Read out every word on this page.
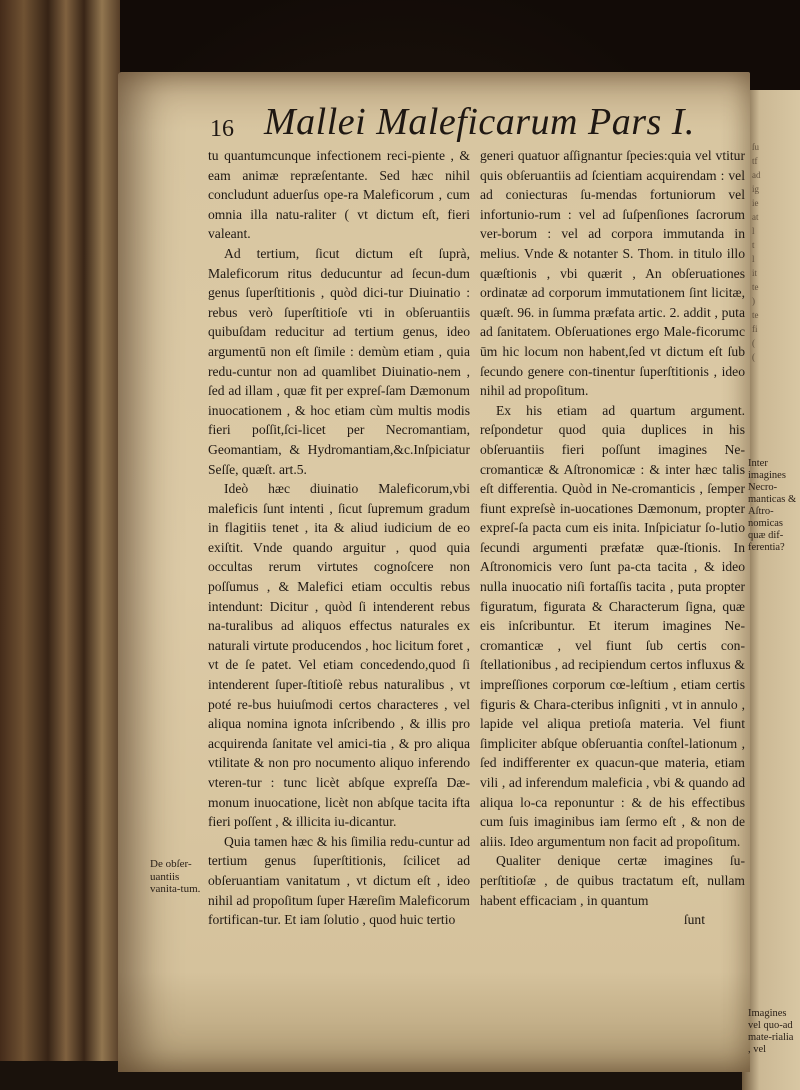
ſu
tf
ad
ig
ie
at
l
t
l
it
te
)
te
fi
(
(

16 Mallei Maleficarum Pars I.

tu quantumcunque infectionem reci-piente , & eam animæ repræſentante. Sed hæc nihil concludunt aduerſus ope-ra Maleficorum , cum omnia illa natu-raliter ( vt dictum eſt, fieri valeant.

Ad tertium, ſicut dictum eſt ſuprà, Maleficorum ritus deducuntur ad ſecun-dum genus ſuperſtitionis , quòd dici-tur Diuinatio : rebus verò ſuperſtitioſe vti in obſeruantiis quibuſdam reducitur ad tertium genus, ideo argumentū non eſt ſimile : demùm etiam , quia redu-cuntur non ad quamlibet Diuinatio-nem , ſed ad illam , quæ fit per expreſ-ſam Dæmonum inuocationem , & hoc etiam cùm multis modis fieri poſſit,ſci-licet per Necromantiam, Geomantiam, & Hydromantiam,&c.Inſpiciatur Seſſe, quæſt. art.5.

Ideò hæc diuinatio Maleficorum,vbi maleficis ſunt intenti , ſicut ſupremum gradum in flagitiis tenet , ita & aliud iudicium de eo exiſtit. Vnde quando arguitur , quod quia occultas rerum virtutes cognoſcere non poſſumus , & Malefici etiam occultis rebus intendunt: Dicitur , quòd ſi intenderent rebus na-turalibus ad aliquos effectus naturales ex naturali virtute producendos , hoc licitum foret , vt de ſe patet. Vel etiam concedendo,quod ſi intenderent ſuper-ſtitioſè rebus naturalibus , vt poté re-bus huiuſmodi certos characteres , vel aliqua nomina ignota inſcribendo , & illis pro acquirenda ſanitate vel amici-tia , & pro aliqua vtilitate & non pro nocumento aliquo inferendo vteren-tur : tunc licèt abſque expreſſa Dæ-monum inuocatione, licèt non abſque tacita ifta fieri poſſent , & illicita iu-dicantur.

Quia tamen hæc & his ſimilia redu-cuntur ad tertium genus ſuperſtitionis, ſcilicet ad obſeruantiam vanitatum , vt dictum eſt , ideo nihil ad propoſitum ſuper Hæreſim Maleficorum fortifican-tur. Et iam ſolutio , quod huic tertio

generi quatuor aſſignantur ſpecies:quia vel vtitur quis obſeruantiis ad ſcientiam acquirendam : vel ad coniecturas ſu-mendas fortuniorum vel infortunio-rum : vel ad ſuſpenſiones ſacrorum ver-borum : vel ad corpora immutanda in melius. Vnde & notanter S. Thom. in titulo illo quæſtionis , vbi quærit , An obſeruationes ordinatæ ad corporum immutationem ſint licitæ, quæſt. 96. in ſumma præfata artic. 2. addit , puta ad ſanitatem. Obſeruationes ergo Male-ficorumc ūm hic locum non habent,ſed vt dictum eſt ſub ſecundo genere con-tinentur ſuperſtitionis , ideo nihil ad propoſitum.

Ex his etiam ad quartum argument. reſpondetur quod quia duplices in his obſeruantiis fieri poſſunt imagines Ne-cromanticæ & Aſtronomicæ : & inter hæc talis eſt differentia. Quòd in Ne-cromanticis , ſemper fiunt expreſsè in-uocationes Dæmonum, propter expreſ-ſa pacta cum eis inita. Inſpiciatur ſo-lutio ſecundi argumenti præfatæ quæ-ſtionis. In Aſtronomicis vero ſunt pa-cta tacita , & ideo nulla inuocatio niſi fortaſſis tacita , puta propter figuratum, figurata & Characterum ſigna, quæ eis inſcribuntur. Et iterum imagines Ne-cromanticæ , vel fiunt ſub certis con-ſtellationibus , ad recipiendum certos influxus & impreſſiones corporum cœ-leſtium , etiam certis figuris & Chara-cteribus inſigniti , vt in annulo , lapide vel aliqua pretioſa materia. Vel fiunt ſimpliciter abſque obſeruantia conſtel-lationum , ſed indifferenter ex quacun-que materia, etiam vili , ad inferendum maleficia , vbi & quando ad aliqua lo-ca reponuntur : & de his effectibus cum ſuis imaginibus iam ſermo eſt , & non de aliis. Ideo argumentum non facit ad propoſitum.

Qualiter denique certæ imagines ſu-perſtitioſæ , de quibus tractatum eſt, nullam habent efficaciam , in quantum

ſunt

De obſer-uantiis vanita-tum.
Inter imagines Necro-manticas & Aſtro-nomicas quæ dif-ferentia?
Imagines vel quo-ad mate-rialia , vel
